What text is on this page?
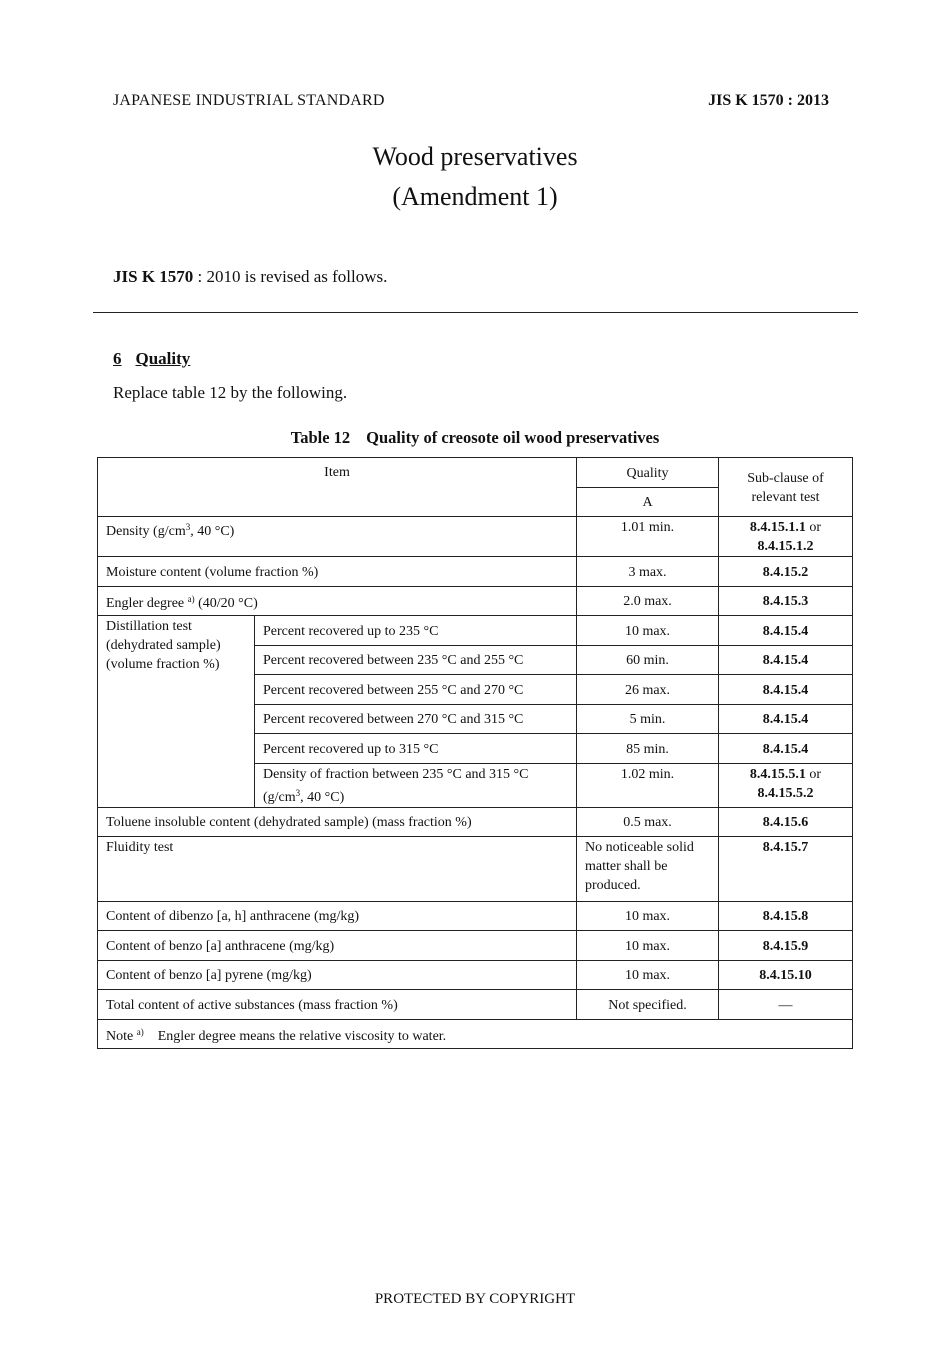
JAPANESE INDUSTRIAL STANDARD	JIS K 1570 : 2013
Wood preservatives
(Amendment 1)
JIS K 1570 : 2010 is revised as follows.
6 Quality
Replace table 12 by the following.
Table 12 Quality of creosote oil wood preservatives
Item		Quality	Sub-clause of relevant test
		A	
Density ($g/cm^3$, 40 °C)		1.01 min.	8.4.15.1.1 or
8.4.15.1.2
Moisture content (volume fraction %)		3 max.	8.4.15.2
Engler degree $^{a)}$ (40/20 °C)		2.0 max.	8.4.15.3
Distillation test (dehydrated sample) (volume fraction %)	Percent recovered up to 235 °C	10 max.	8.4.15.4
	Percent recovered between 235 °C and 255 °C	60 min.	8.4.15.4
	Percent recovered between 255 °C and 270 °C	26 max.	8.4.15.4
	Percent recovered between 270 °C and 315 °C	5 min.	8.4.15.4
	Percent recovered up to 315 °C	85 min.	8.4.15.4
	Density of fraction between 235 °C and 315 °C ($g/cm^3$, 40 °C)	1.02 min.	8.4.15.5.1 or
8.4.15.5.2
Toluene insoluble content (dehydrated sample) (mass fraction %)		0.5 max.	8.4.15.6
Fluidity test		No noticeable solid matter shall be produced.	8.4.15.7
Content of dibenzo [a, h] anthracene (mg/kg)		10 max.	8.4.15.8
Content of benzo [a] anthracene (mg/kg)		10 max.	8.4.15.9
Content of benzo [a] pyrene (mg/kg)		10 max.	8.4.15.10
Total content of active substances (mass fraction %)		Not specified.	—
Note $^{a)}$ Engler degree means the relative viscosity to water.			
PROTECTED BY COPYRIGHT
